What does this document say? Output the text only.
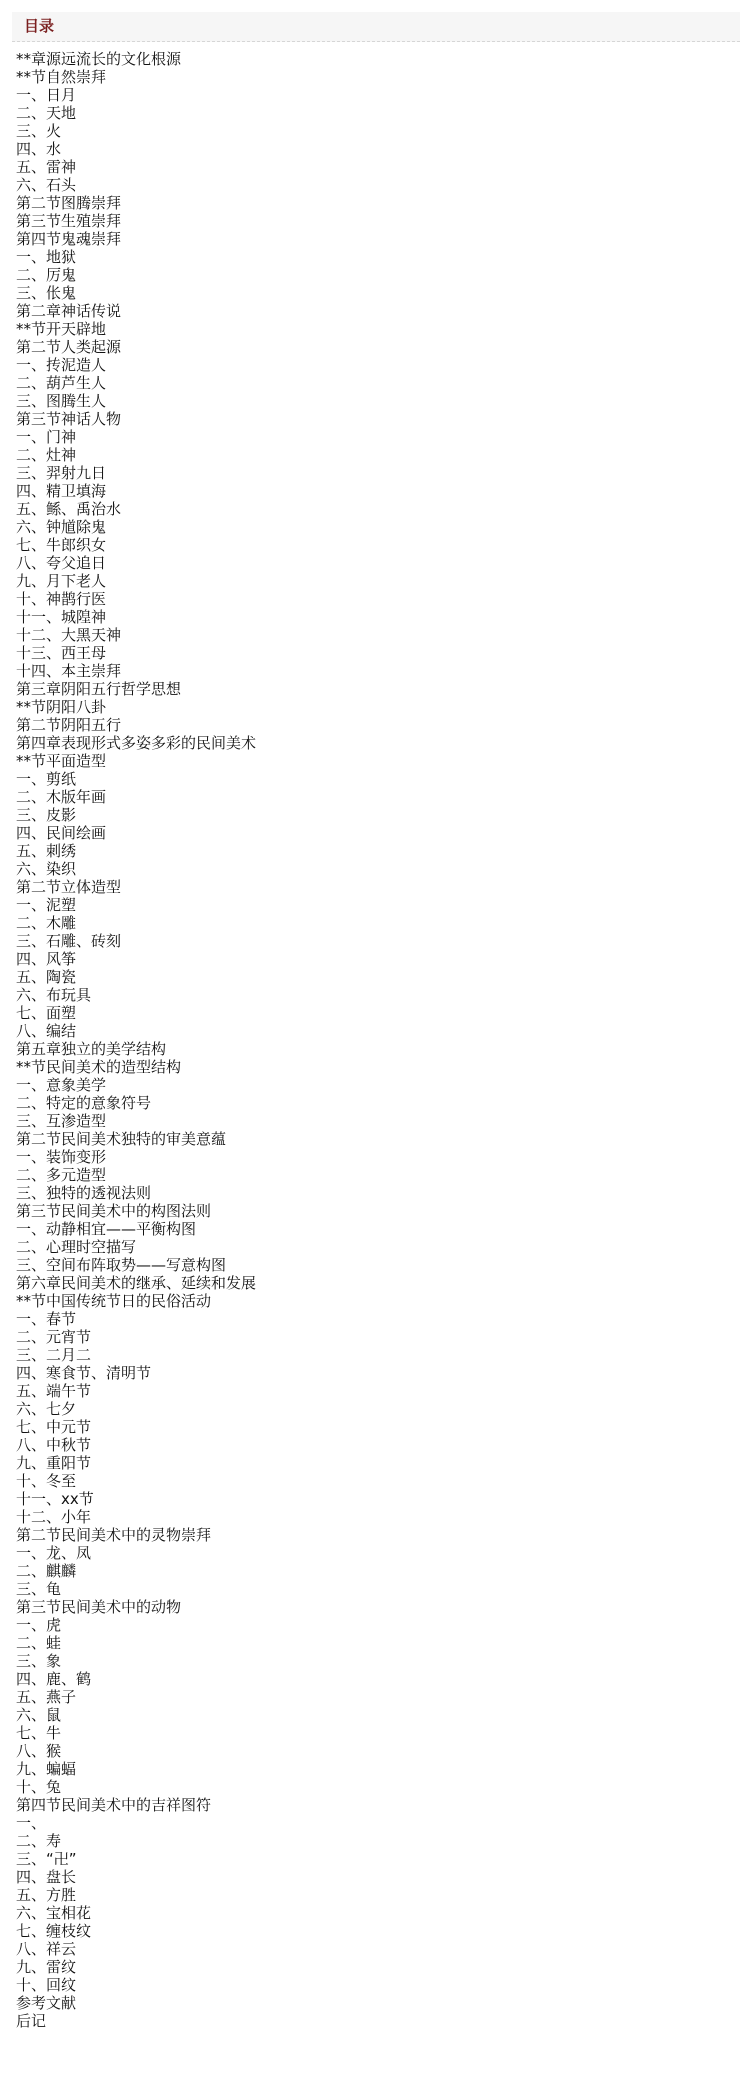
目录
**章源远流长的文化根源
**节自然崇拜
一、日月
二、天地
三、火
四、水
五、雷神
六、石头
第二节图腾崇拜
第三节生殖崇拜
第四节鬼魂崇拜
一、地狱
二、厉鬼
三、伥鬼
第二章神话传说
**节开天辟地
第二节人类起源
一、抟泥造人
二、葫芦生人
三、图腾生人
第三节神话人物
一、门神
二、灶神
三、羿射九日
四、精卫填海
五、鲧、禹治水
六、钟馗除鬼
七、牛郎织女
八、夸父追日
九、月下老人
十、神鹊行医
十一、城隍神
十二、大黑天神
十三、西王母
十四、本主崇拜
第三章阴阳五行哲学思想
**节阴阳八卦
第二节阴阳五行
第四章表现形式多姿多彩的民间美术
**节平面造型
一、剪纸
二、木版年画
三、皮影
四、民间绘画
五、刺绣
六、染织
第二节立体造型
一、泥塑
二、木雕
三、石雕、砖刻
四、风筝
五、陶瓷
六、布玩具
七、面塑
八、编结
第五章独立的美学结构
**节民间美术的造型结构
一、意象美学
二、特定的意象符号
三、互渗造型
第二节民间美术独特的审美意蕴
一、装饰变形
二、多元造型
三、独特的透视法则
第三节民间美术中的构图法则
一、动静相宜——平衡构图
二、心理时空描写
三、空间布阵取势——写意构图
第六章民间美术的继承、延续和发展
**节中国传统节日的民俗活动
一、春节
二、元宵节
三、二月二
四、寒食节、清明节
五、端午节
六、七夕
七、中元节
八、中秋节
九、重阳节
十、冬至
十一、xx节
十二、小年
第二节民间美术中的灵物崇拜
一、龙、凤
二、麒麟
三、龟
第三节民间美术中的动物
一、虎
二、蛙
三、象
四、鹿、鹤
五、燕子
六、鼠
七、牛
八、猴
九、蝙蝠
十、兔
第四节民间美术中的吉祥图符
一、
二、寿
三、“卍”
四、盘长
五、方胜
六、宝相花
七、缠枝纹
八、祥云
九、雷纹
十、回纹
参考文献
后记
